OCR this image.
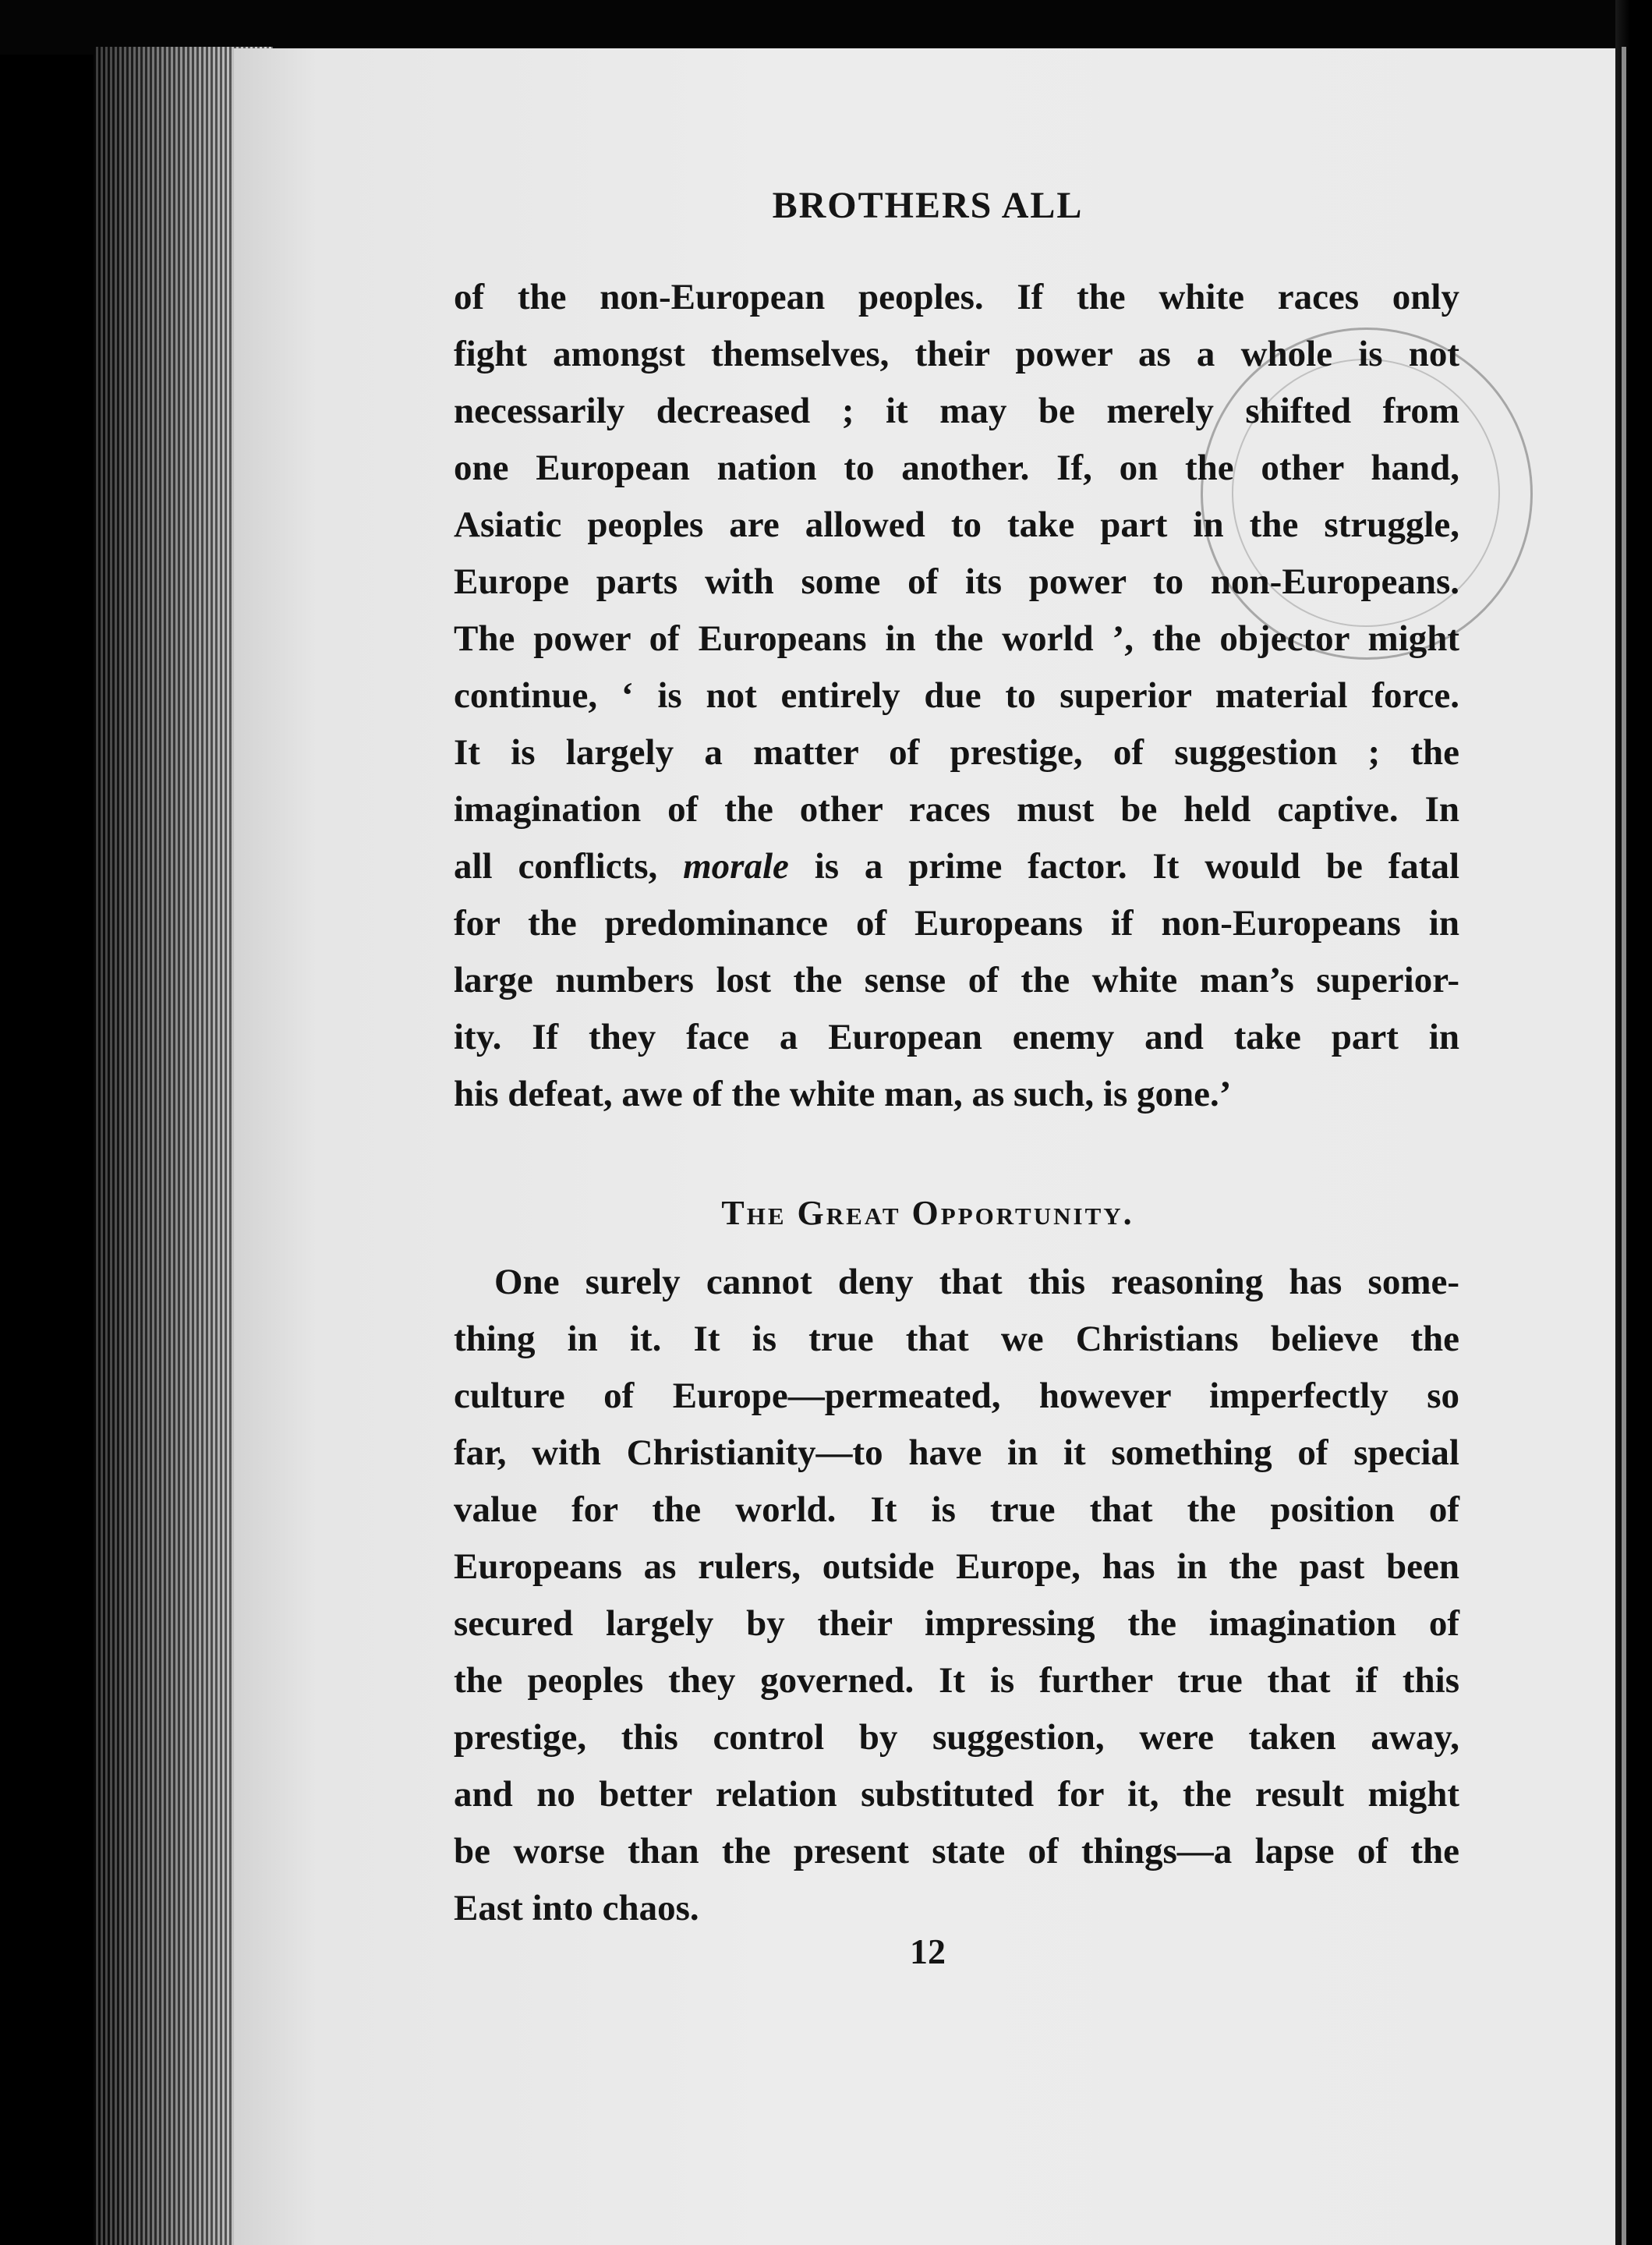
BROTHERS ALL
of the non-European peoples. If the white races only
fight amongst themselves, their power as a whole is not
necessarily decreased ; it may be merely shifted from
one European nation to another. If, on the other hand,
Asiatic peoples are allowed to take part in the struggle,
Europe parts with some of its power to non-Europeans.
The power of Europeans in the world ’, the objector might
continue, ‘ is not entirely due to superior material force.
It is largely a matter of prestige, of suggestion ; the
imagination of the other races must be held captive. In
all conflicts, morale is a prime factor. It would be fatal
for the predominance of Europeans if non-Europeans in
large numbers lost the sense of the white man’s superior-
ity. If they face a European enemy and take part in
his defeat, awe of the white man, as such, is gone.’
The Great Opportunity.
One surely cannot deny that this reasoning has some-
thing in it. It is true that we Christians believe the
culture of Europe—permeated, however imperfectly so
far, with Christianity—to have in it something of special
value for the world. It is true that the position of
Europeans as rulers, outside Europe, has in the past been
secured largely by their impressing the imagination of
the peoples they governed. It is further true that if this
prestige, this control by suggestion, were taken away,
and no better relation substituted for it, the result might
be worse than the present state of things—a lapse of the
East into chaos.
12
